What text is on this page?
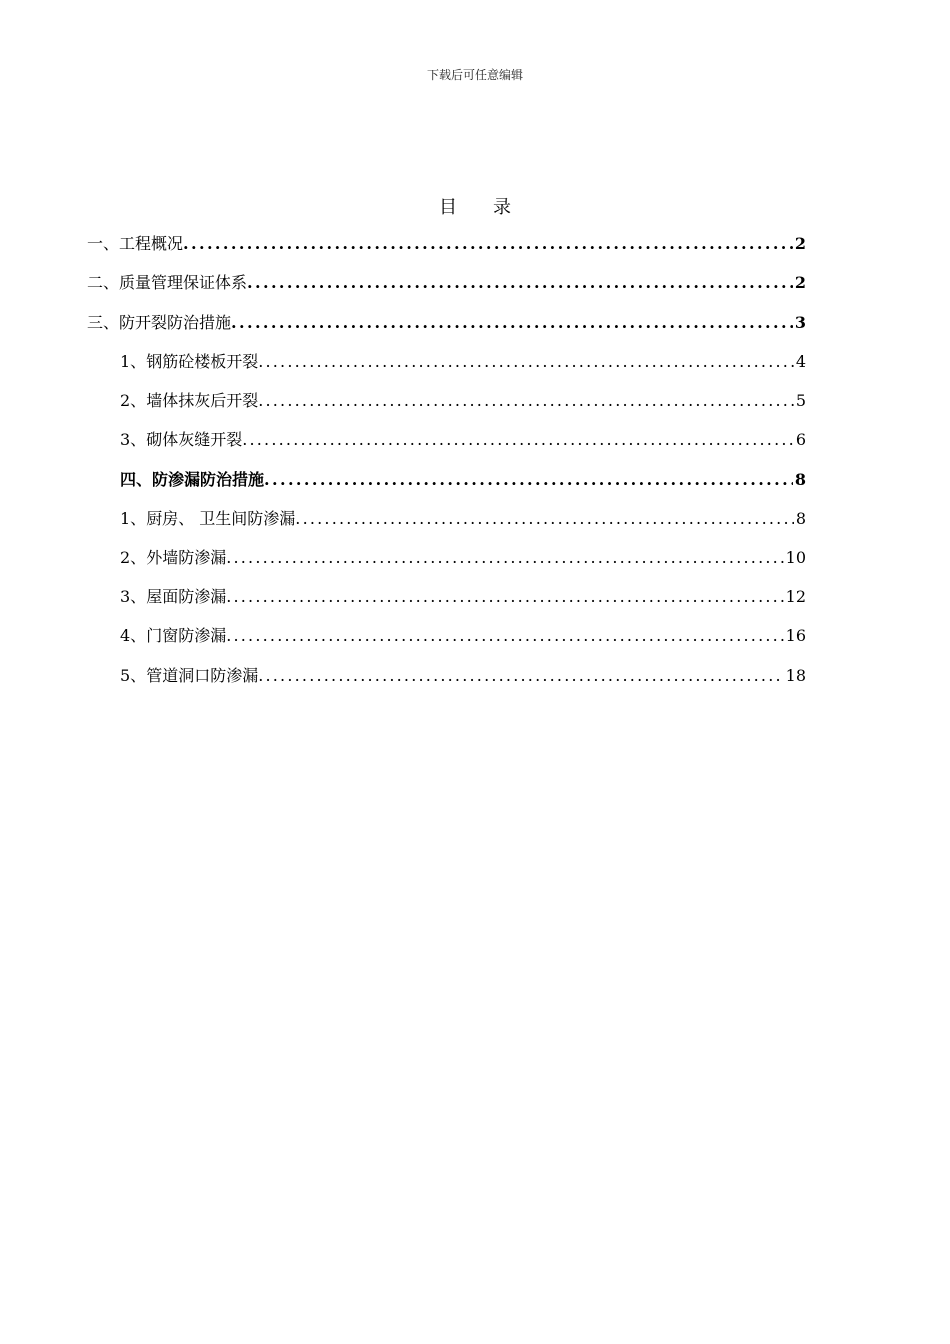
下载后可任意编辑
目 录
一、 工程概况 .....	2
二、 质量管理保证体系 .....	2
三、 防开裂防治措施 .....	3
1、 钢筋砼楼板开裂 .....	4
2、 墙体抹灰后开裂 .....	5
3、 砌体灰缝开裂 .....	6
四、 防渗漏防治措施 .....	8
1、 厨房、 卫生间防渗漏 .....	8
2、 外墙防渗漏 .....	10
3、 屋面防渗漏 .....	12
4、 门窗防渗漏 .....	16
5、 管道洞口防渗漏 .....	18
